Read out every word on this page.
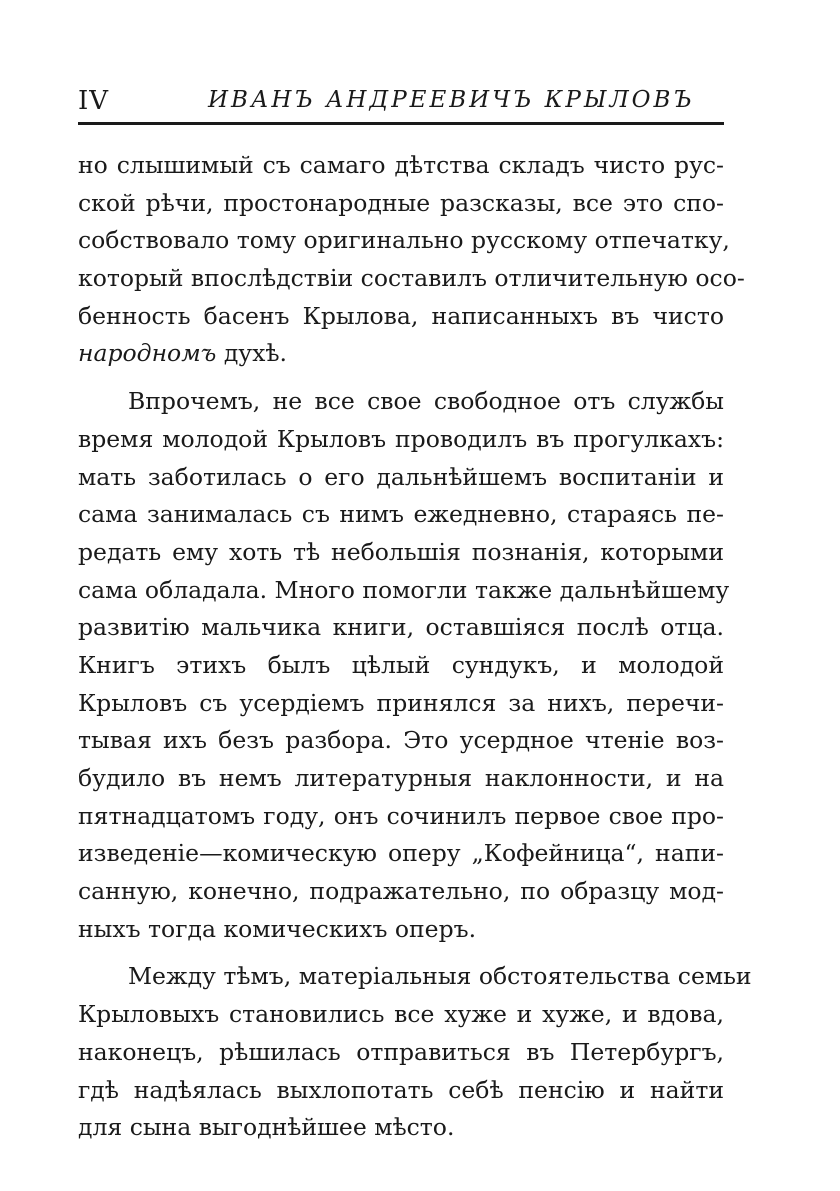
IV	ИВАНЪ АНДРЕЕВИЧЪ КРЫЛОВЪ
но слышимый съ самаго дѣтства складъ чисто рус-
ской рѣчи, простонародные разсказы, все это спо-
собствовало тому оригинально русскому отпечатку,
который впослѣдствіи составилъ отличительную осо-
бенность басенъ Крылова, написанныхъ въ чисто
народномъ духѣ.
Впрочемъ, не все свое свободное отъ службы
время молодой Крыловъ проводилъ въ прогулкахъ:
мать заботилась о его дальнѣйшемъ воспитаніи и
сама занималась съ нимъ ежедневно, стараясь пе-
редать ему хоть тѣ небольшія познанія, которыми
сама обладала. Много помогли также дальнѣйшему
развитію мальчика книги, оставшіяся послѣ отца.
Книгъ этихъ былъ цѣлый сундукъ, и молодой
Крыловъ съ усердіемъ принялся за нихъ, перечи-
тывая ихъ безъ разбора. Это усердное чтеніе воз-
будило въ немъ литературныя наклонности, и на
пятнадцатомъ году, онъ сочинилъ первое свое про-
изведеніе—комическую оперу „Кофейница“, напи-
санную, конечно, подражательно, по образцу мод-
ныхъ тогда комическихъ оперъ.
Между тѣмъ, матеріальныя обстоятельства семьи
Крыловыхъ становились все хуже и хуже, и вдова,
наконецъ, рѣшилась отправиться въ Петербургъ,
гдѣ надѣялась выхлопотать себѣ пенсію и найти
для сына выгоднѣйшее мѣсто.
